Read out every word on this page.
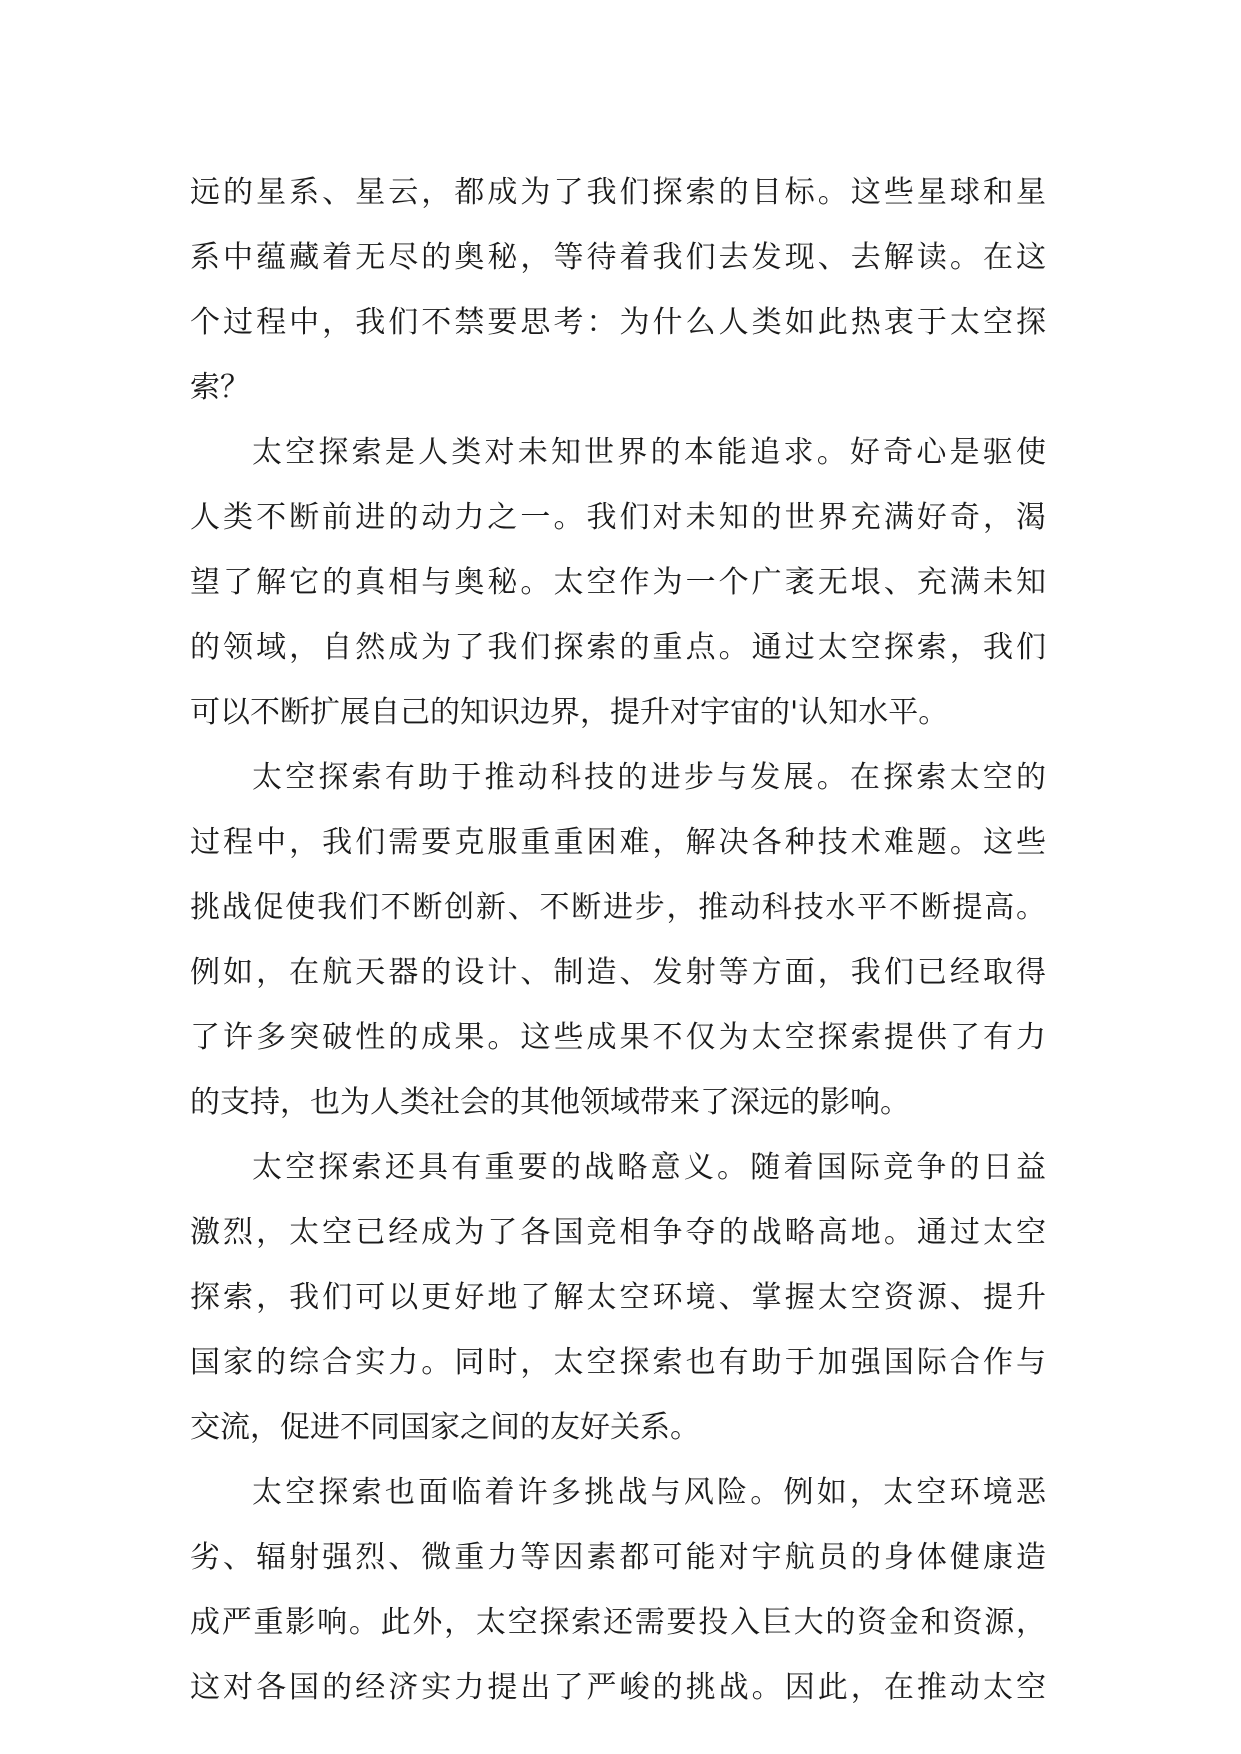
远的星系、星云，都成为了我们探索的目标。这些星球和星
系中蕴藏着无尽的奥秘，等待着我们去发现、去解读。在这
个过程中，我们不禁要思考：为什么人类如此热衷于太空探
索？
太空探索是人类对未知世界的本能追求。好奇心是驱使
人类不断前进的动力之一。我们对未知的世界充满好奇，渴
望了解它的真相与奥秘。太空作为一个广袤无垠、充满未知
的领域，自然成为了我们探索的重点。通过太空探索，我们
可以不断扩展自己的知识边界，提升对宇宙的'认知水平。
太空探索有助于推动科技的进步与发展。在探索太空的
过程中，我们需要克服重重困难，解决各种技术难题。这些
挑战促使我们不断创新、不断进步，推动科技水平不断提高。
例如，在航天器的设计、制造、发射等方面，我们已经取得
了许多突破性的成果。这些成果不仅为太空探索提供了有力
的支持，也为人类社会的其他领域带来了深远的影响。
太空探索还具有重要的战略意义。随着国际竞争的日益
激烈，太空已经成为了各国竞相争夺的战略高地。通过太空
探索，我们可以更好地了解太空环境、掌握太空资源、提升
国家的综合实力。同时，太空探索也有助于加强国际合作与
交流，促进不同国家之间的友好关系。
太空探索也面临着许多挑战与风险。例如，太空环境恶
劣、辐射强烈、微重力等因素都可能对宇航员的身体健康造
成严重影响。此外，太空探索还需要投入巨大的资金和资源，
这对各国的经济实力提出了严峻的挑战。因此，在推动太空
